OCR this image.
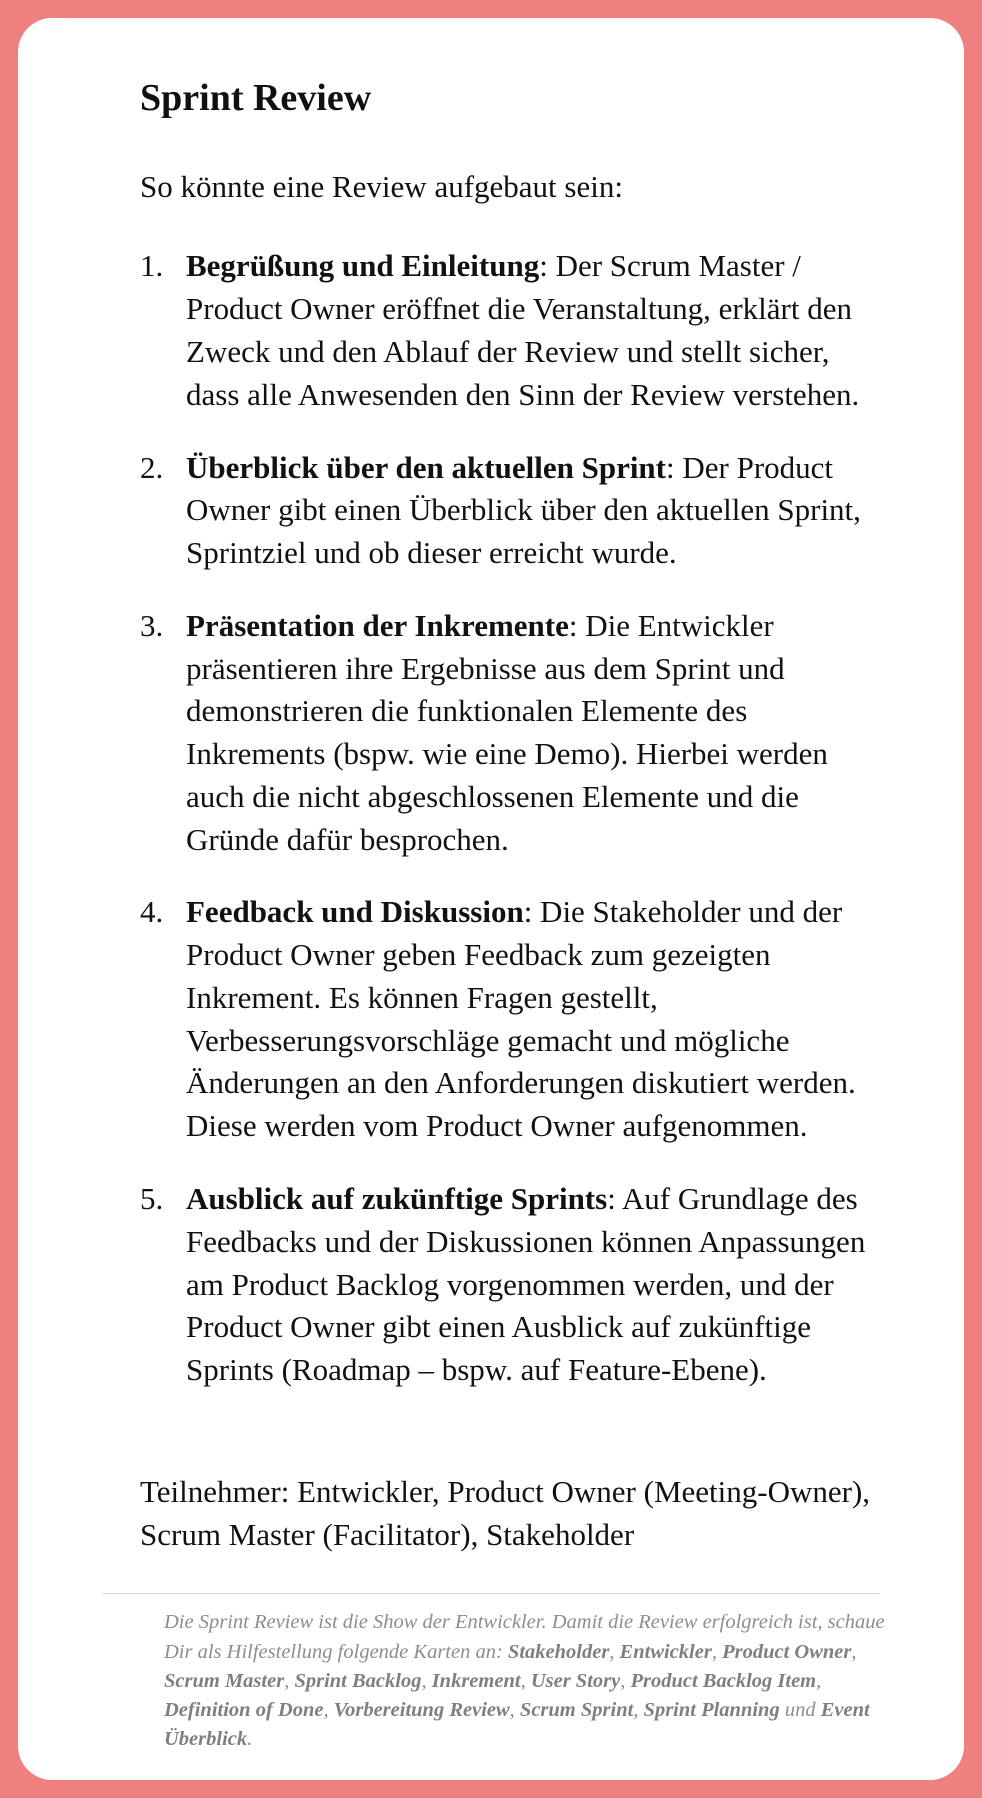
Sprint Review

So könnte eine Review aufgebaut sein:

1. Begrüßung und Einleitung: Der Scrum Master / Product Owner eröffnet die Veranstaltung, erklärt den Zweck und den Ablauf der Review und stellt sicher, dass alle Anwesenden den Sinn der Review verstehen.
2. Überblick über den aktuellen Sprint: Der Product Owner gibt einen Überblick über den aktuellen Sprint, Sprintziel und ob dieser erreicht wurde.
3. Präsentation der Inkremente: Die Entwickler präsentieren ihre Ergebnisse aus dem Sprint und demonstrieren die funktionalen Elemente des Inkrements (bspw. wie eine Demo). Hierbei werden auch die nicht abgeschlossenen Elemente und die Gründe dafür besprochen.
4. Feedback und Diskussion: Die Stakeholder und der Product Owner geben Feedback zum gezeigten Inkrement. Es können Fragen gestellt, Verbesserungsvorschläge gemacht und mögliche Änderungen an den Anforderungen diskutiert werden. Diese werden vom Product Owner aufgenommen.
5. Ausblick auf zukünftige Sprints: Auf Grundlage des Feedbacks und der Diskussionen können Anpassungen am Product Backlog vorgenommen werden, und der Product Owner gibt einen Ausblick auf zukünftige Sprints (Roadmap – bspw. auf Feature-Ebene).

Teilnehmer: Entwickler, Product Owner (Meeting-Owner), Scrum Master (Facilitator), Stakeholder

Die Sprint Review ist die Show der Entwickler. Damit die Review erfolgreich ist, schaue Dir als Hilfestellung folgende Karten an: Stakeholder, Entwickler, Product Owner, Scrum Master, Sprint Backlog, Inkrement, User Story, Product Backlog Item, Definition of Done, Vorbereitung Review, Scrum Sprint, Sprint Planning und Event Überblick.
